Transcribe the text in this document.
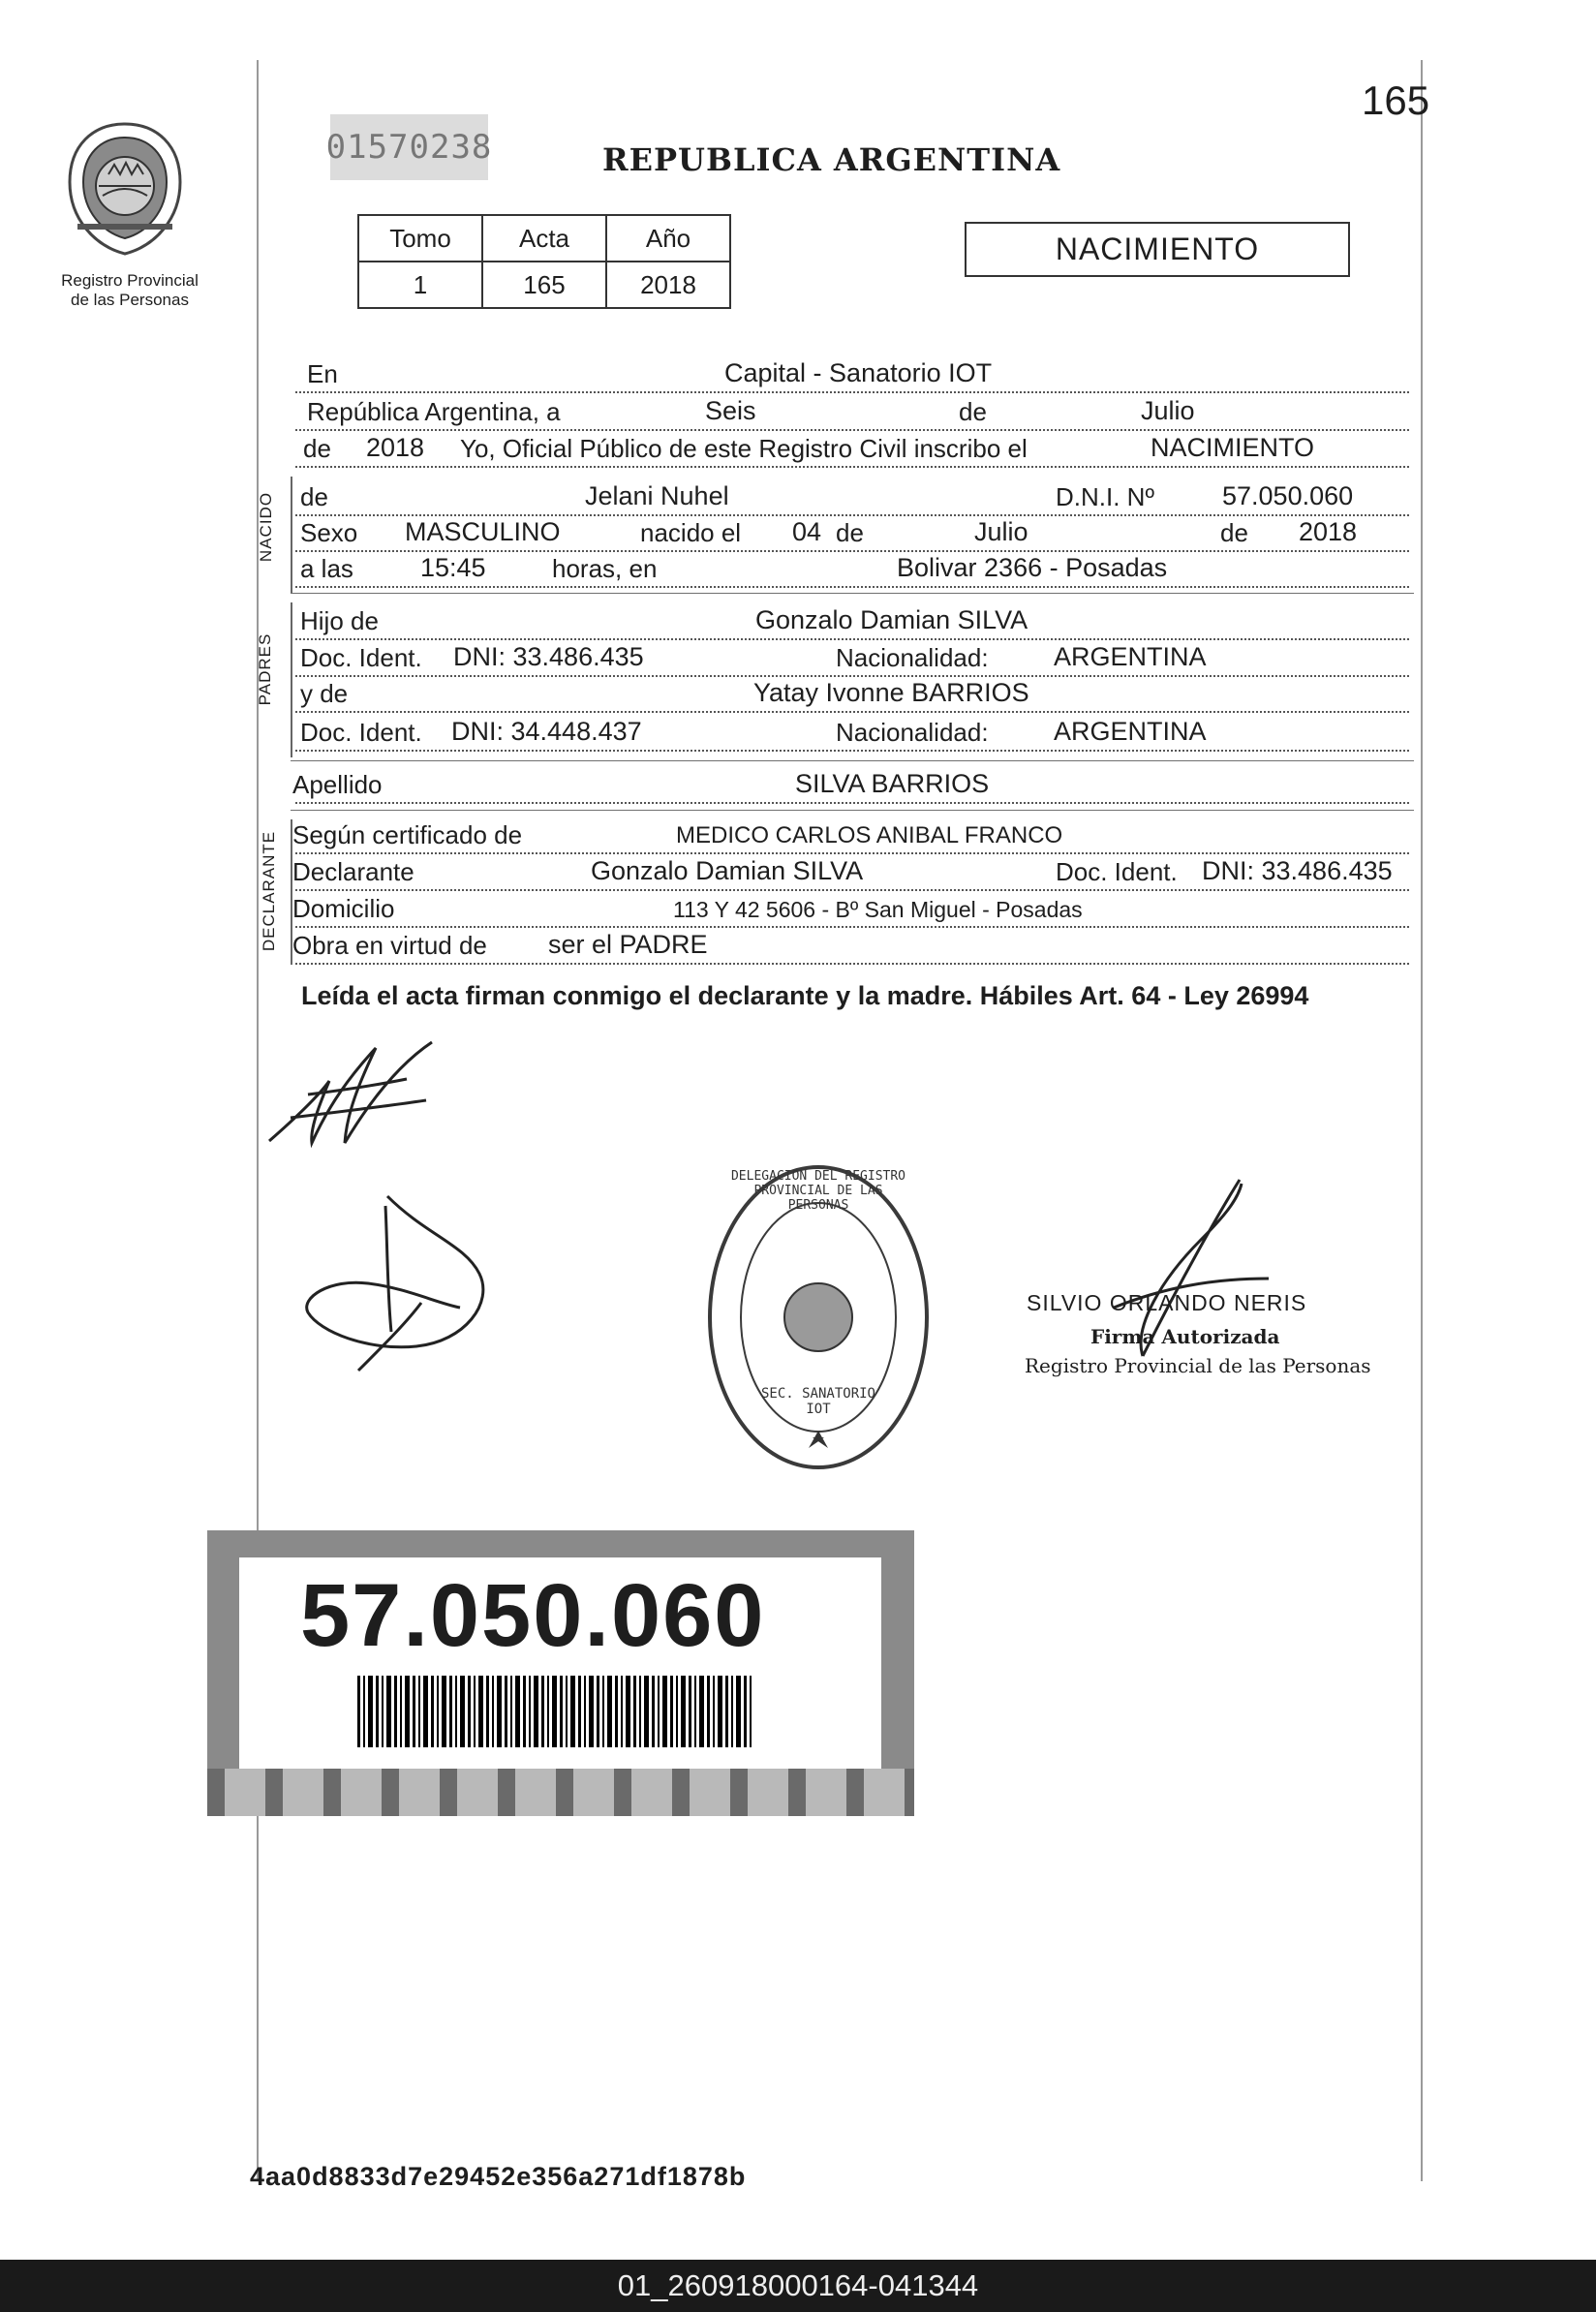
165
Registro Provincial
de las Personas
01570238	REPUBLICA ARGENTINA
Tomo	Acta	Año
1	165	2018
NACIMIENTO
NACIDO
PADRES
DECLARANTE
En	Capital - Sanatorio IOT
República Argentina, a	Seis	de	Julio
de 2018 Yo, Oficial Público de este Registro Civil inscribo el	NACIMIENTO
de	Jelani Nuhel	D.N.I. Nº	57.050.060
Sexo MASCULINO	nacido el 04 de	Julio	de 2018
a las	15:45	horas, en	Bolivar 2366 - Posadas
Hijo de	Gonzalo Damian SILVA
Doc. Ident. DNI: 33.486.435	Nacionalidad: ARGENTINA
y de	Yatay Ivonne BARRIOS
Doc. Ident. DNI: 34.448.437	Nacionalidad: ARGENTINA
Apellido	SILVA BARRIOS
Según certificado de	MEDICO CARLOS ANIBAL FRANCO
Declarante	Gonzalo Damian SILVA	Doc. Ident. DNI: 33.486.435
Domicilio	113 Y 42 5606 - Bº San Miguel - Posadas
Obra en virtud de ser el PADRE
Leída el acta firman conmigo el declarante y la madre. Hábiles Art. 64 - Ley 26994
DELEGACION DEL REGISTRO PROVINCIAL DE LAS PERSONAS
SEC. SANATORIO IOT
SILVIO ORLANDO NERIS
Firma Autorizada
Registro Provincial de las Personas
57.050.060
4aa0d8833d7e29452e356a271df1878b
01_260918000164-041344
